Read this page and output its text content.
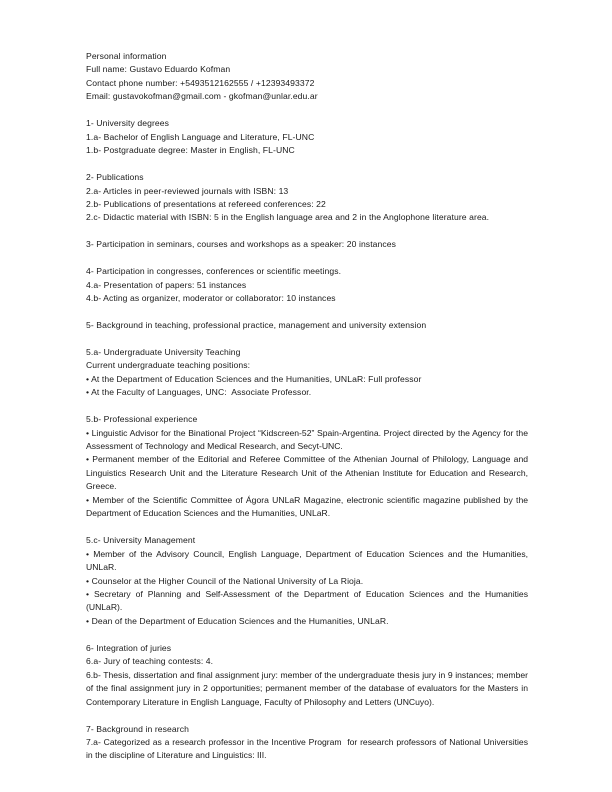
Personal information
Full name: Gustavo Eduardo Kofman
Contact phone number: +5493512162555 / +12393493372
Email: gustavokofman@gmail.com - gkofman@unlar.edu.ar
1- University degrees
1.a- Bachelor of English Language and Literature, FL-UNC
1.b- Postgraduate degree: Master in English, FL-UNC
2- Publications
2.a- Articles in peer-reviewed journals with ISBN: 13
2.b- Publications of presentations at refereed conferences: 22
2.c- Didactic material with ISBN: 5 in the English language area and 2 in the Anglophone literature area.
3- Participation in seminars, courses and workshops as a speaker: 20 instances
4- Participation in congresses, conferences or scientific meetings.
4.a- Presentation of papers: 51 instances
4.b- Acting as organizer, moderator or collaborator: 10 instances
5- Background in teaching, professional practice, management and university extension
5.a- Undergraduate University Teaching
Current undergraduate teaching positions:
• At the Department of Education Sciences and the Humanities, UNLaR: Full professor
• At the Faculty of Languages, UNC:  Associate Professor.
5.b- Professional experience
• Linguistic Advisor for the Binational Project “Kidscreen-52” Spain-Argentina. Project directed by the Agency for the Assessment of Technology and Medical Research, and Secyt-UNC.
• Permanent member of the Editorial and Referee Committee of the Athenian Journal of Philology, Language and Linguistics Research Unit and the Literature Research Unit of the Athenian Institute for Education and Research, Greece.
• Member of the Scientific Committee of Ágora UNLaR Magazine, electronic scientific magazine published by the Department of Education Sciences and the Humanities, UNLaR.
5.c- University Management
• Member of the Advisory Council, English Language, Department of Education Sciences and the Humanities, UNLaR.
• Counselor at the Higher Council of the National University of La Rioja.
• Secretary of Planning and Self-Assessment of the Department of Education Sciences and the Humanities (UNLaR).
• Dean of the Department of Education Sciences and the Humanities, UNLaR.
6- Integration of juries
6.a- Jury of teaching contests: 4.
6.b- Thesis, dissertation and final assignment jury: member of the undergraduate thesis jury in 9 instances; member of the final assignment jury in 2 opportunities; permanent member of the database of evaluators for the Masters in Contemporary Literature in English Language, Faculty of Philosophy and Letters (UNCuyo).
7- Background in research
7.a- Categorized as a research professor in the Incentive Program  for research professors of National Universities in the discipline of Literature and Linguistics: III.
